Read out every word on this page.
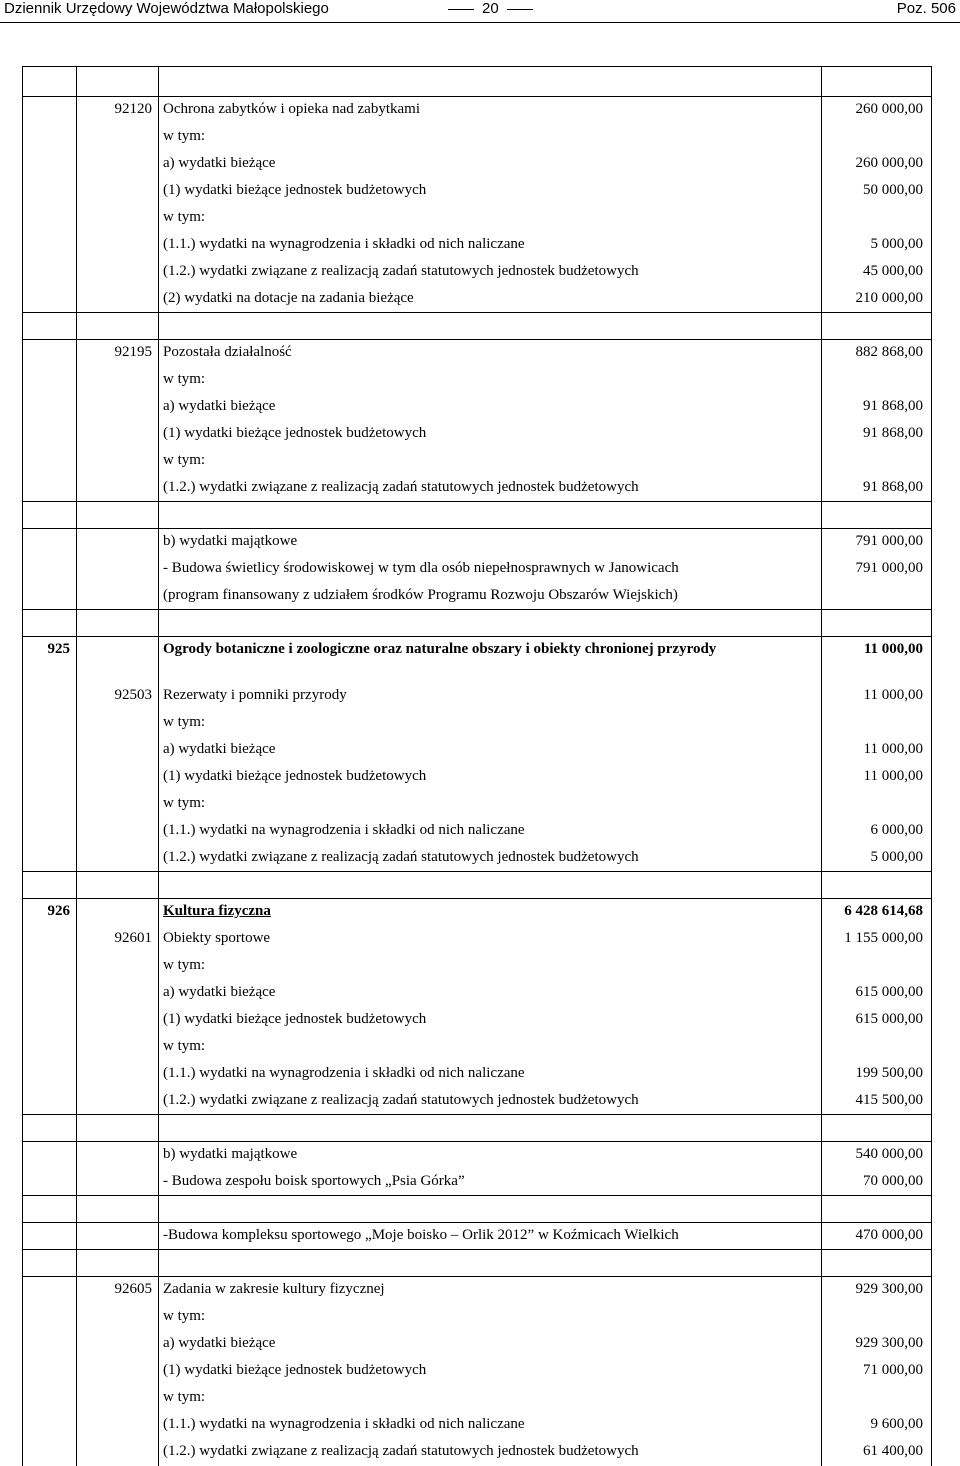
Dziennik Urzędowy Województwa Małopolskiego	20	Poz. 506

	92120	Ochrona zabytków i opieka nad zabytkami	260 000,00
		w tym:	
		a) wydatki bieżące	260 000,00
		(1) wydatki bieżące jednostek budżetowych	50 000,00
		w tym:	
		(1.1.) wydatki na wynagrodzenia i składki od nich naliczane	5 000,00
		(1.2.) wydatki związane z realizacją zadań statutowych jednostek budżetowych	45 000,00
		(2) wydatki na dotacje na zadania bieżące	210 000,00

	92195	Pozostała działalność	882 868,00
		w tym:	
		a) wydatki bieżące	91 868,00
		(1) wydatki bieżące jednostek budżetowych	91 868,00
		w tym:	
		(1.2.) wydatki związane z realizacją zadań statutowych jednostek budżetowych	91 868,00

		b) wydatki majątkowe	791 000,00
		- Budowa świetlicy środowiskowej w tym dla osób niepełnosprawnych w Janowicach	791 000,00
		(program finansowany z udziałem środków Programu Rozwoju Obszarów Wiejskich)	

925		Ogrody botaniczne i zoologiczne oraz naturalne obszary i obiekty chronionej przyrody	11 000,00
	92503	Rezerwaty i pomniki przyrody	11 000,00
		w tym:	
		a) wydatki bieżące	11 000,00
		(1) wydatki bieżące jednostek budżetowych	11 000,00
		w tym:	
		(1.1.) wydatki na wynagrodzenia i składki od nich naliczane	6 000,00
		(1.2.) wydatki związane z realizacją zadań statutowych jednostek budżetowych	5 000,00

926		Kultura fizyczna	6 428 614,68
	92601	Obiekty sportowe	1 155 000,00
		w tym:	
		a) wydatki bieżące	615 000,00
		(1) wydatki bieżące jednostek budżetowych	615 000,00
		w tym:	
		(1.1.) wydatki na wynagrodzenia i składki od nich naliczane	199 500,00
		(1.2.) wydatki związane z realizacją zadań statutowych jednostek budżetowych	415 500,00

		b) wydatki majątkowe	540 000,00
		- Budowa zespołu boisk sportowych „Psia Górka”	70 000,00

		-Budowa kompleksu sportowego „Moje boisko – Orlik 2012” w Koźmicach Wielkich	470 000,00

	92605	Zadania w zakresie kultury fizycznej	929 300,00
		w tym:	
		a) wydatki bieżące	929 300,00
		(1) wydatki bieżące jednostek budżetowych	71 000,00
		w tym:	
		(1.1.) wydatki na wynagrodzenia i składki od nich naliczane	9 600,00
		(1.2.) wydatki związane z realizacją zadań statutowych jednostek budżetowych	61 400,00
